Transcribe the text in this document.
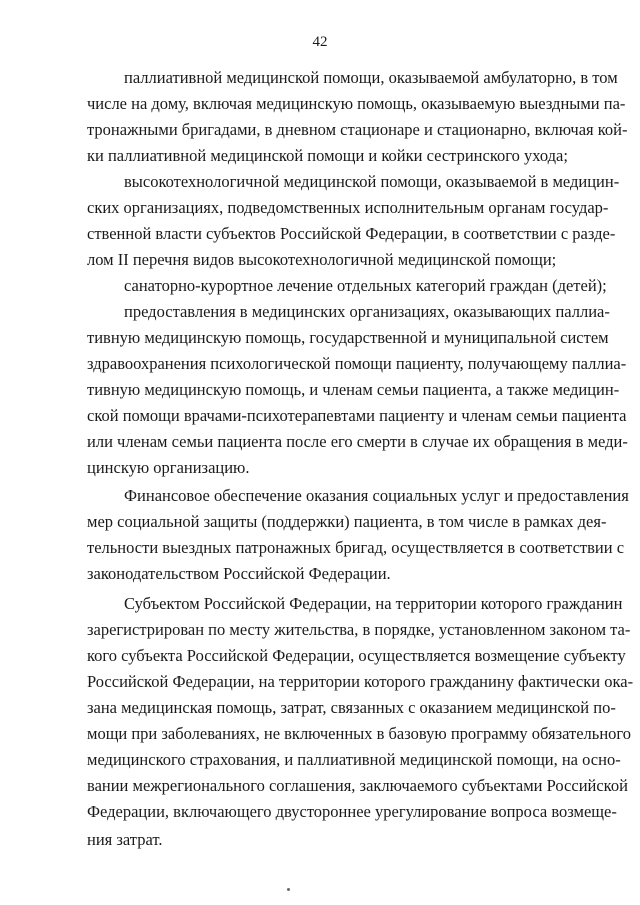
42
паллиативной медицинской помощи, оказываемой амбулаторно, в том
числе на дому, включая медицинскую помощь, оказываемую выездными па-
тронажными бригадами, в дневном стационаре и стационарно, включая кой-
ки паллиативной медицинской помощи и койки сестринского ухода;
высокотехнологичной медицинской помощи, оказываемой в медицин-
ских организациях, подведомственных исполнительным органам государ-
ственной власти субъектов Российской Федерации, в соответствии с разде-
лом II перечня видов высокотехнологичной медицинской помощи;
санаторно-курортное лечение отдельных категорий граждан (детей);
предоставления в медицинских организациях, оказывающих паллиа-
тивную медицинскую помощь, государственной и муниципальной систем
здравоохранения психологической помощи пациенту, получающему паллиа-
тивную медицинскую помощь, и членам семьи пациента, а также медицин-
ской помощи врачами-психотерапевтами пациенту и членам семьи пациента
или членам семьи пациента после его смерти в случае их обращения в меди-
цинскую организацию.
Финансовое обеспечение оказания социальных услуг и предоставления
мер социальной защиты (поддержки) пациента, в том числе в рамках дея-
тельности выездных патронажных бригад, осуществляется в соответствии с
законодательством Российской Федерации.
Субъектом Российской Федерации, на территории которого гражданин
зарегистрирован по месту жительства, в порядке, установленном законом та-
кого субъекта Российской Федерации, осуществляется возмещение субъекту
Российской Федерации, на территории которого гражданину фактически ока-
зана медицинская помощь, затрат, связанных с оказанием медицинской по-
мощи при заболеваниях, не включенных в базовую программу обязательного
медицинского страхования, и паллиативной медицинской помощи, на осно-
вании межрегионального соглашения, заключаемого субъектами Российской
Федерации, включающего двустороннее урегулирование вопроса возмеще-
ния затрат.
